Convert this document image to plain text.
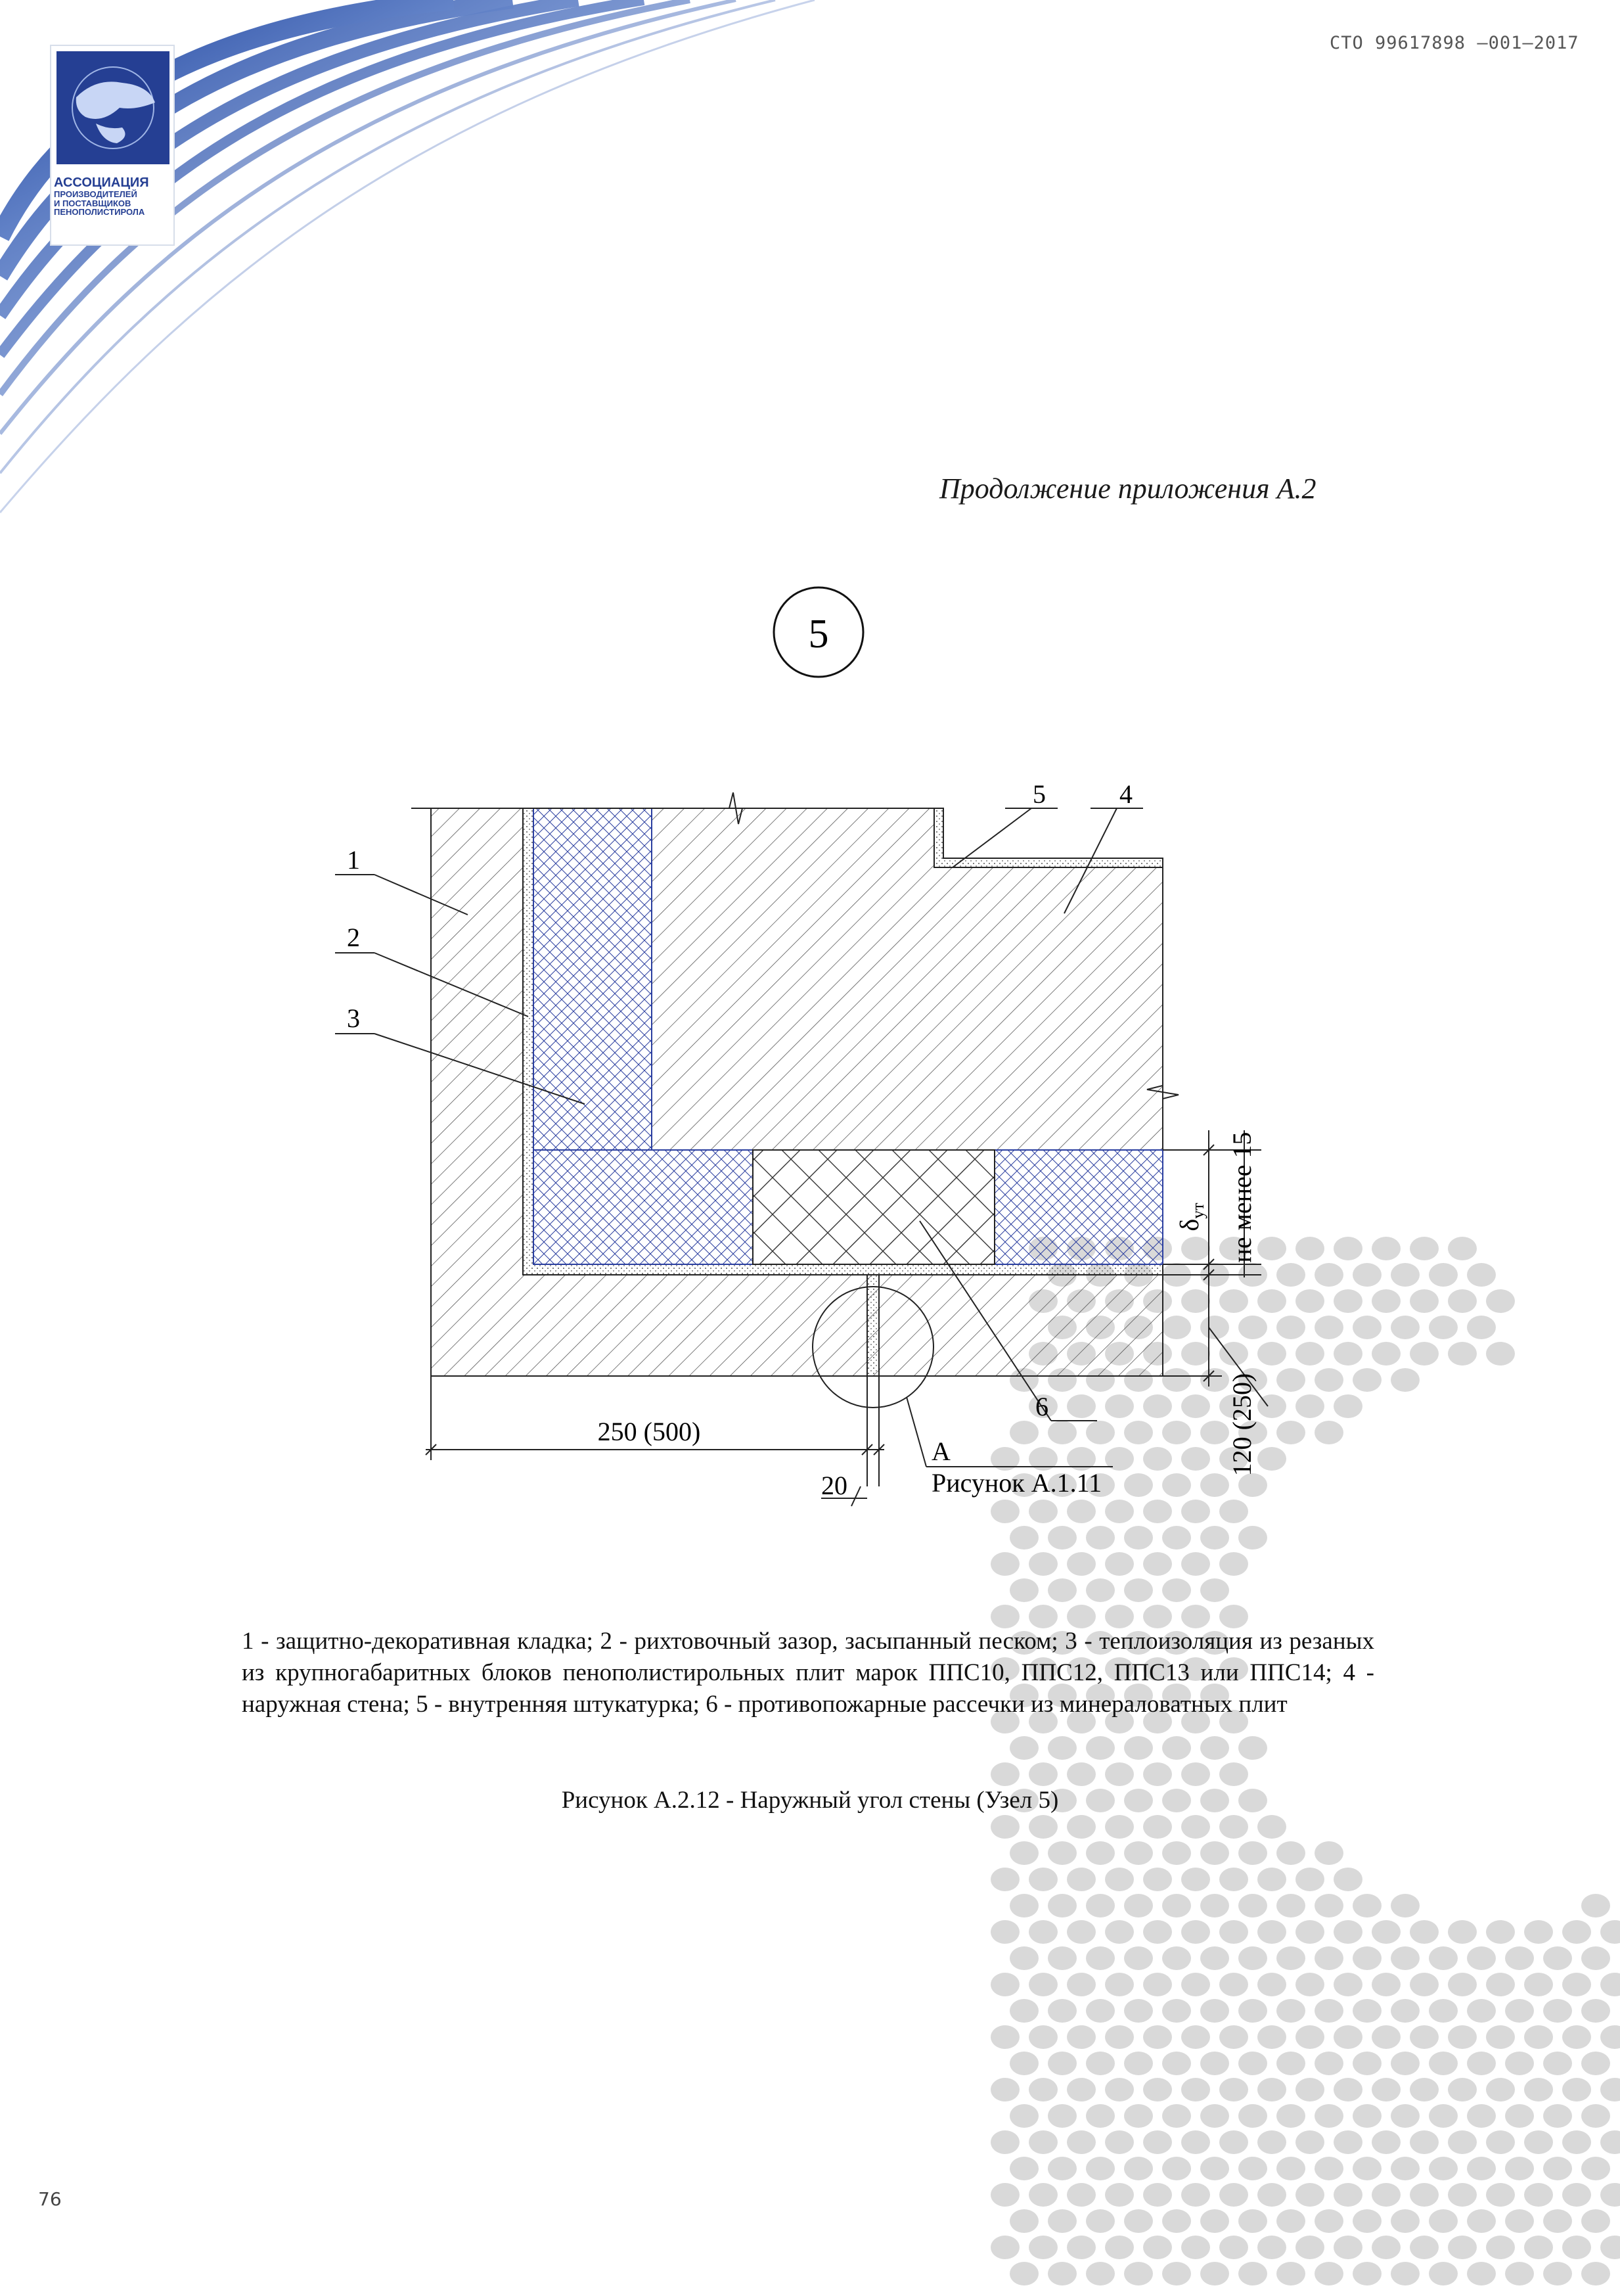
АССОЦИАЦИЯ
ПРОИЗВОДИТЕЛЕЙ
И ПОСТАВЩИКОВ
ПЕНОПОЛИСТИРОЛА
СТО 99617898 –001–2017
Продолжение приложения А.2
5
1
2
3
5	4
6
250 (500)
20
А
Рисунок А.1.11
$\delta_{ут}$ не менее 15
120 (250)
1 - защитно-декоративная кладка; 2 - рихтовочный зазор, засыпанный песком; 3 - теплоизоляция из резаных из крупногабаритных блоков пенополистирольных плит марок ППС10, ППС12, ППС13 или ППС14; 4 - наружная стена; 5 - внутренняя штукатурка; 6 - противопожарные рассечки из минераловатных плит
Рисунок А.2.12 - Наружный угол стены (Узел 5)
76
